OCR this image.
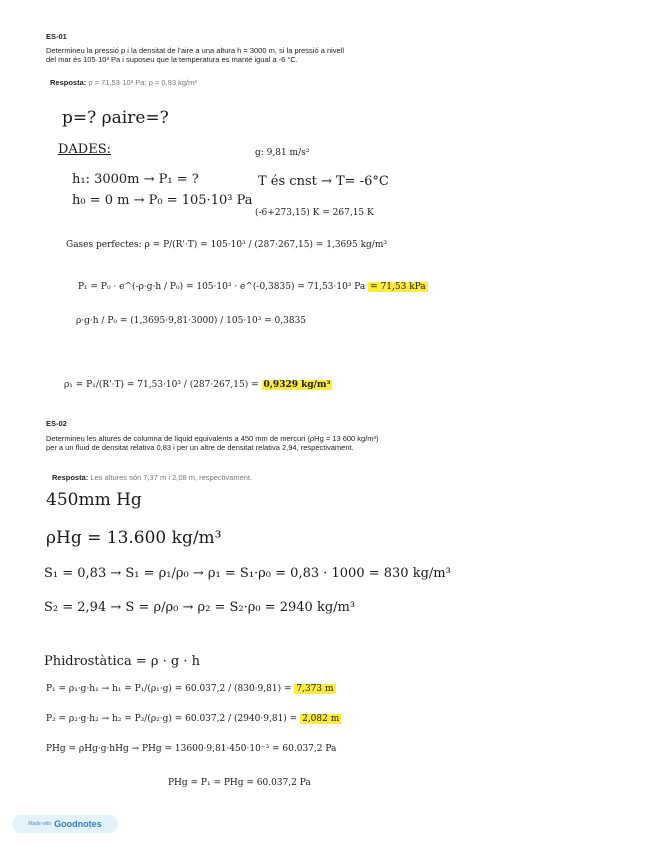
ES-01
Determineu la pressió p i la densitat de l'aire a una altura h = 3000 m, si la pressió a nivell
del mar és 105·10³ Pa i suposeu que la temperatura es manté igual a -6 °C.
Resposta: p = 71,53·10³ Pa; ρ = 0,93 kg/m³
p=? ρaire=?
DADES:	g: 9,81 m/s²
h₁: 3000m → P₁ = ?	T és cnst → T= -6°C
h₀ = 0 m → P₀ = 105·10³ Pa
(-6+273,15) K = 267,15 K
Gases perfectes: ρ = P/(R'·T) = 105·10³ / (287·267,15) = 1,3695 kg/m³
P₁ = P₀ · e^(-ρ·g·h / P₀) = 105·10³ · e^(-0,3835) = 71,53·10³ Pa = 71,53 kPa
ρ·g·h / P₀ = (1,3695·9,81·3000) / 105·10³ = 0,3835
ρ₁ = P₁/(R'·T) = 71,53·10³ / (287·267,15) = 0,9329 kg/m³
ES-02
Determineu les altures de columna de líquid equivalents a 450 mm de mercuri (ρHg = 13 600 kg/m³)
per a un fluid de densitat relativa 0,83 i per un altre de densitat relativa 2,94, respectivament.
Resposta: Les altures són 7,37 m i 2,08 m, respectivament.
450mm Hg
ρHg = 13.600 kg/m³
S₁ = 0,83 → S₁ = ρ₁/ρ₀ → ρ₁ = S₁·ρ₀ = 0,83 · 1000 = 830 kg/m³
S₂ = 2,94 → S = ρ/ρ₀ → ρ₂ = S₂·ρ₀ = 2940 kg/m³
Phidrostàtica = ρ · g · h
P₁ = ρ₁·g·h₁ → h₁ = P₁/(ρ₁·g) = 60.037,2 / (830·9,81) = 7,373 m
P₂ = ρ₂·g·h₂ → h₂ = P₂/(ρ₂·g) = 60.037,2 / (2940·9,81) = 2,082 m
PHg = ρHg·g·hHg → PHg = 13600·9,81·450·10⁻³ = 60.037,2 Pa
PHg = P₁ = PHg = 60.037,2 Pa
Made with Goodnotes
